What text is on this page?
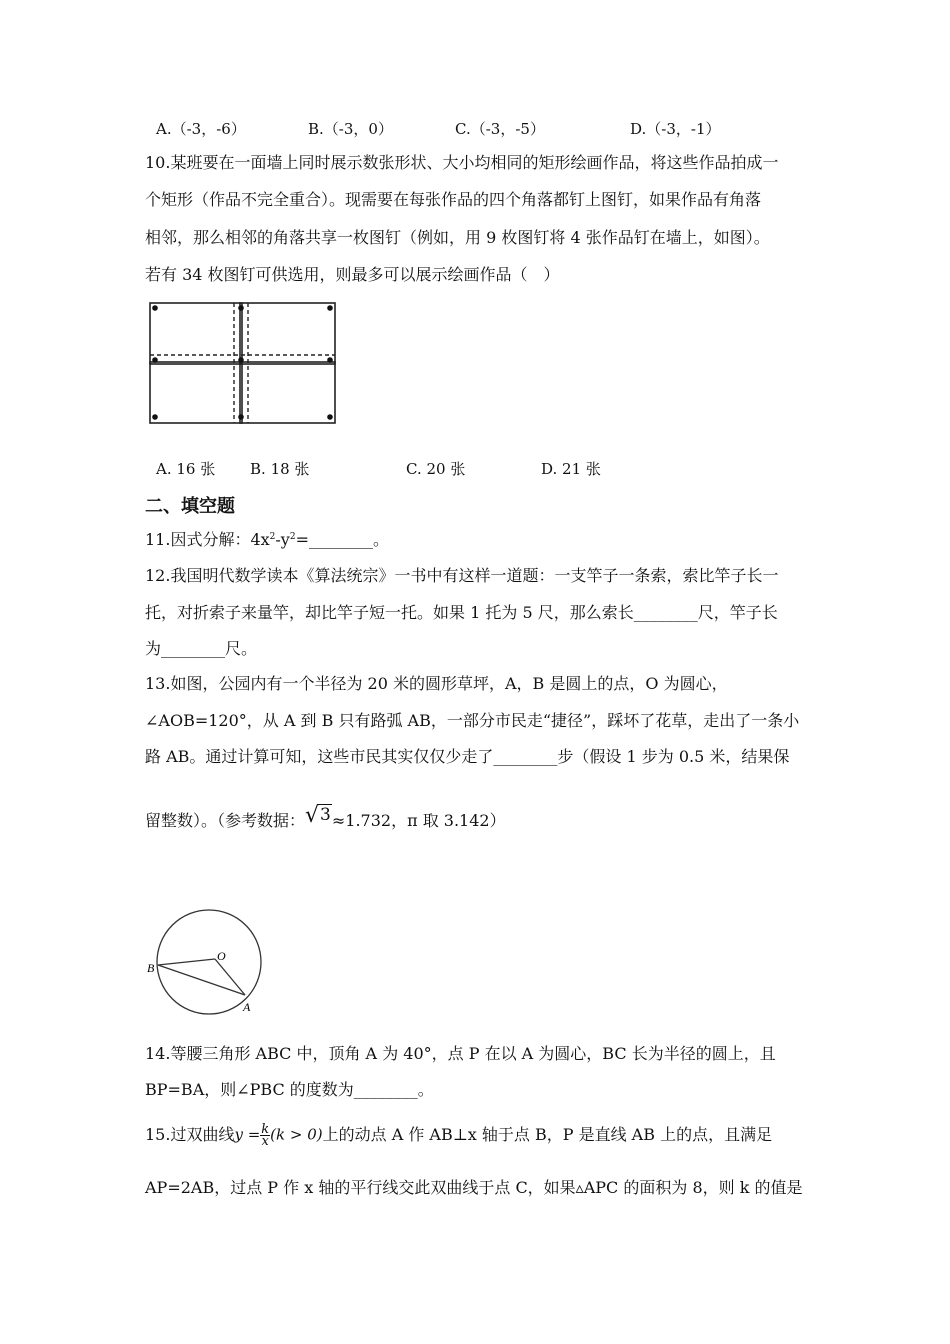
A.（-3，-6）	B.（-3，0）	C.（-3，-5）	D.（-3，-1）
10.某班要在一面墙上同时展示数张形状、大小均相同的矩形绘画作品，将这些作品拍成一
个矩形（作品不完全重合）。现需要在每张作品的四个角落都钉上图钉，如果作品有角落
相邻，那么相邻的角落共享一枚图钉（例如，用 9 枚图钉将 4 张作品钉在墙上，如图）。
若有 34 枚图钉可供选用，则最多可以展示绘画作品（　）
A. 16 张 B. 18 张	C. 20 张	D. 21 张
二、填空题
11.因式分解：$4x^2-y^2=\_\_\_\_\_\_\_\_$。
12.我国明代数学读本《算法统宗》一书中有这样一道题：一支竿子一条索，索比竿子长一
托，对折索子来量竿，却比竿子短一托。如果 1 托为 5 尺，那么索长________尺，竿子长
为________尺。
13.如图，公园内有一个半径为 20 米的圆形草坪，A，B 是圆上的点，O 为圆心，
∠AOB=120°，从 A 到 B 只有路弧 AB，一部分市民走“捷径”，踩坏了花草，走出了一条小
路 AB。通过计算可知，这些市民其实仅仅少走了________步（假设 1 步为 0.5 米，结果保
留整数）。（参考数据：√3≈1.732，π 取 3.142）
O
B
A
14.等腰三角形 ABC 中，顶角 A 为 40°，点 P 在以 A 为圆心，BC 长为半径的圆上，且
BP=BA，则∠PBC 的度数为________。
15.过双曲线$y = \frac{k}{x} (k > 0)$上的动点 A 作 AB⊥x 轴于点 B，P 是直线 AB 上的点，且满足
AP=2AB，过点 P 作 x 轴的平行线交此双曲线于点 C，如果▵APC 的面积为 8，则 k 的值是
